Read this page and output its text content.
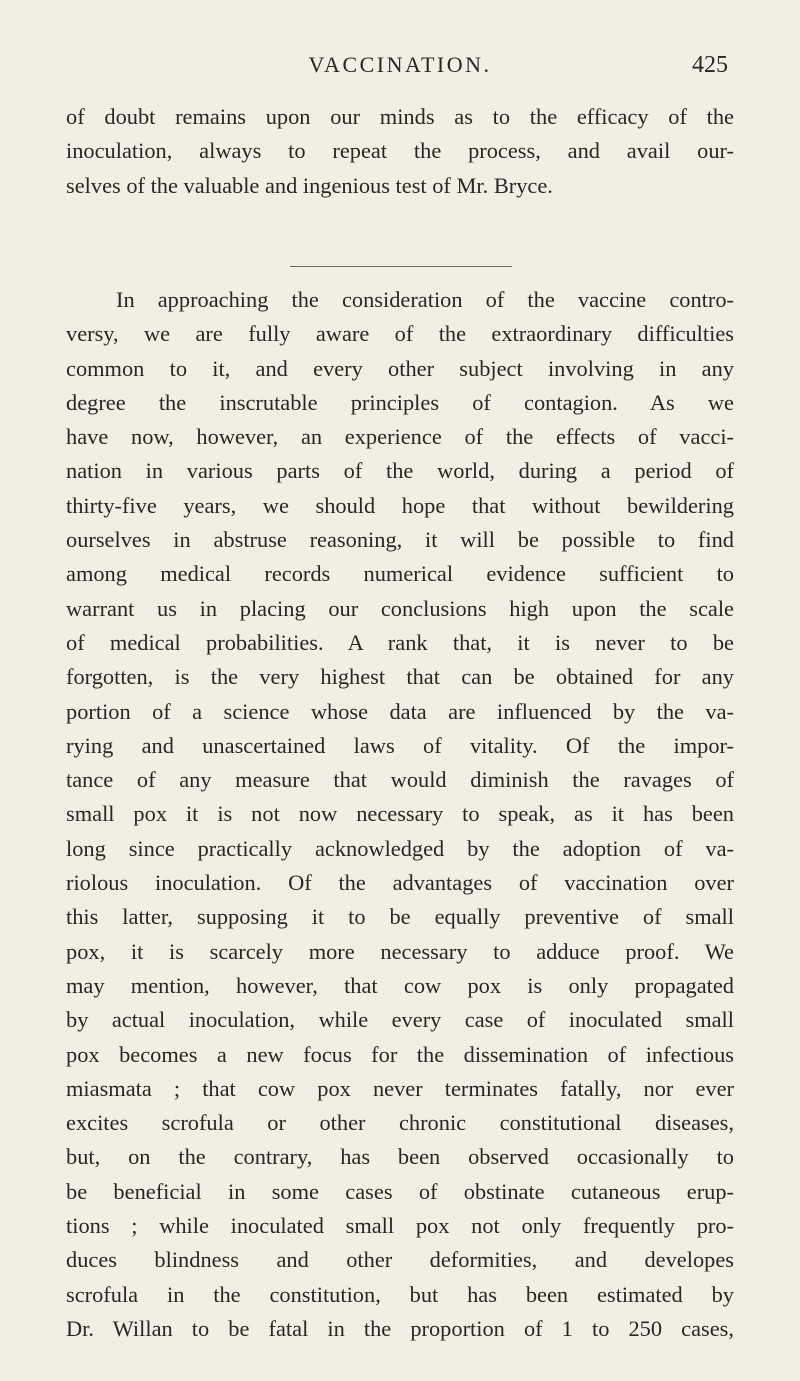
VACCINATION.	425

of doubt remains upon our minds as to the efficacy of the
inoculation, always to repeat the process, and avail our-
selves of the valuable and ingenious test of Mr. Bryce.

In approaching the consideration of the vaccine contro-
versy, we are fully aware of the extraordinary difficulties
common to it, and every other subject involving in any
degree the inscrutable principles of contagion. As we
have now, however, an experience of the effects of vacci-
nation in various parts of the world, during a period of
thirty-five years, we should hope that without bewildering
ourselves in abstruse reasoning, it will be possible to find
among medical records numerical evidence sufficient to
warrant us in placing our conclusions high upon the scale
of medical probabilities. A rank that, it is never to be
forgotten, is the very highest that can be obtained for any
portion of a science whose data are influenced by the va-
rying and unascertained laws of vitality. Of the impor-
tance of any measure that would diminish the ravages of
small pox it is not now necessary to speak, as it has been
long since practically acknowledged by the adoption of va-
riolous inoculation. Of the advantages of vaccination over
this latter, supposing it to be equally preventive of small
pox, it is scarcely more necessary to adduce proof. We
may mention, however, that cow pox is only propagated
by actual inoculation, while every case of inoculated small
pox becomes a new focus for the dissemination of infectious
miasmata ; that cow pox never terminates fatally, nor ever
excites scrofula or other chronic constitutional diseases,
but, on the contrary, has been observed occasionally to
be beneficial in some cases of obstinate cutaneous erup-
tions ; while inoculated small pox not only frequently pro-
duces blindness and other deformities, and developes
scrofula in the constitution, but has been estimated by
Dr. Willan to be fatal in the proportion of 1 to 250 cases,
